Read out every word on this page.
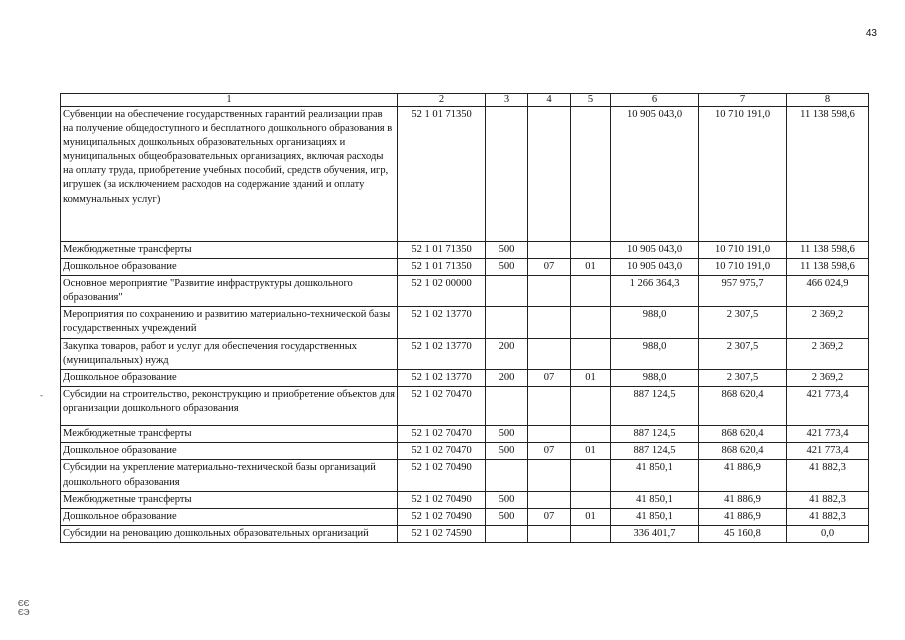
43
-
1	2	3	4	5	6	7	8
Субвенции на обеспечение государственных гарантий реализации прав на получение общедоступного и бесплатного дошкольного образования в муниципальных дошкольных образовательных организациях и муниципальных общеобразовательных организациях, включая расходы на оплату труда, приобретение учебных пособий, средств обучения, игр, игрушек (за исключением расходов на содержание зданий и оплату коммунальных услуг)	52 1 01 71350				10 905 043,0	10 710 191,0	11 138 598,6
Межбюджетные трансферты	52 1 01 71350	500			10 905 043,0	10 710 191,0	11 138 598,6
Дошкольное образование	52 1 01 71350	500	07	01	10 905 043,0	10 710 191,0	11 138 598,6
Основное мероприятие "Развитие инфраструктуры дошкольного образования"	52 1 02 00000				1 266 364,3	957 975,7	466 024,9
Мероприятия по сохранению и развитию материально-технической базы государственных учреждений	52 1 02 13770				988,0	2 307,5	2 369,2
Закупка товаров, работ и услуг для обеспечения государственных (муниципальных) нужд	52 1 02 13770	200			988,0	2 307,5	2 369,2
Дошкольное образование	52 1 02 13770	200	07	01	988,0	2 307,5	2 369,2
Субсидии на строительство, реконструкцию и приобретение объектов для организации дошкольного образования	52 1 02 70470				887 124,5	868 620,4	421 773,4
Межбюджетные трансферты	52 1 02 70470	500			887 124,5	868 620,4	421 773,4
Дошкольное образование	52 1 02 70470	500	07	01	887 124,5	868 620,4	421 773,4
Субсидии на укрепление материально-технической базы организаций дошкольного образования	52 1 02 70490				41 850,1	41 886,9	41 882,3
Межбюджетные трансферты	52 1 02 70490	500			41 850,1	41 886,9	41 882,3
Дошкольное образование	52 1 02 70490	500	07	01	41 850,1	41 886,9	41 882,3
Субсидии на реновацию дошкольных образовательных организаций	52 1 02 74590				336 401,7	45 160,8	0,0
ЄЄ
ЄЭ
